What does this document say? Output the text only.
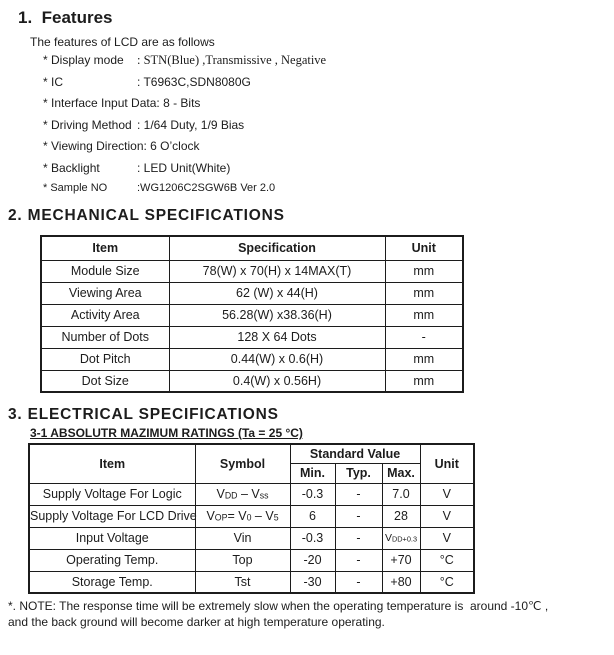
1.  Features
The features of LCD are as follows
* Display mode	: STN(Blue) ,Transmissive , Negative
* IC	: T6963C,SDN8080G
* Interface Input Data : 8 - Bits
* Driving Method : 1/64 Duty, 1/9 Bias
* Viewing Direction : 6 O’clock
* Backlight	: LED Unit(White)
* Sample NO	:WG1206C2SGW6B Ver 2.0
2. MECHANICAL SPECIFICATIONS
Item	Specification	Unit
Module Size	78(W) x 70(H) x 14MAX(T)	mm
Viewing Area	62 (W) x 44(H)	mm
Activity Area	56.28(W) x38.36(H)	mm
Number of Dots	128 X 64 Dots	-
Dot Pitch	0.44(W) x 0.6(H)	mm
Dot Size	0.4(W) x 0.56H)	mm
3. ELECTRICAL SPECIFICATIONS
3-1 ABSOLUTR MAZIMUM RATINGS (Ta = 25 °C)
Item	Symbol	Standard Value			Unit
		Min.	Typ.	Max.	
Supply Voltage For Logic	$V_{DD} - V_{ss}$	-0.3	-	7.0	V
Supply Voltage For LCD Drive	$V_{OP}= V_0 - V_5$	6	-	28	V
Input Voltage	Vin	-0.3	-	$V_{DD+0.3}$	V
Operating Temp.	Top	-20	-	+70	°C
Storage Temp.	Tst	-30	-	+80	°C
*. NOTE: The response time will be extremely slow when the operating temperature is  around -10℃ ,
and the back ground will become darker at high temperature operating.
